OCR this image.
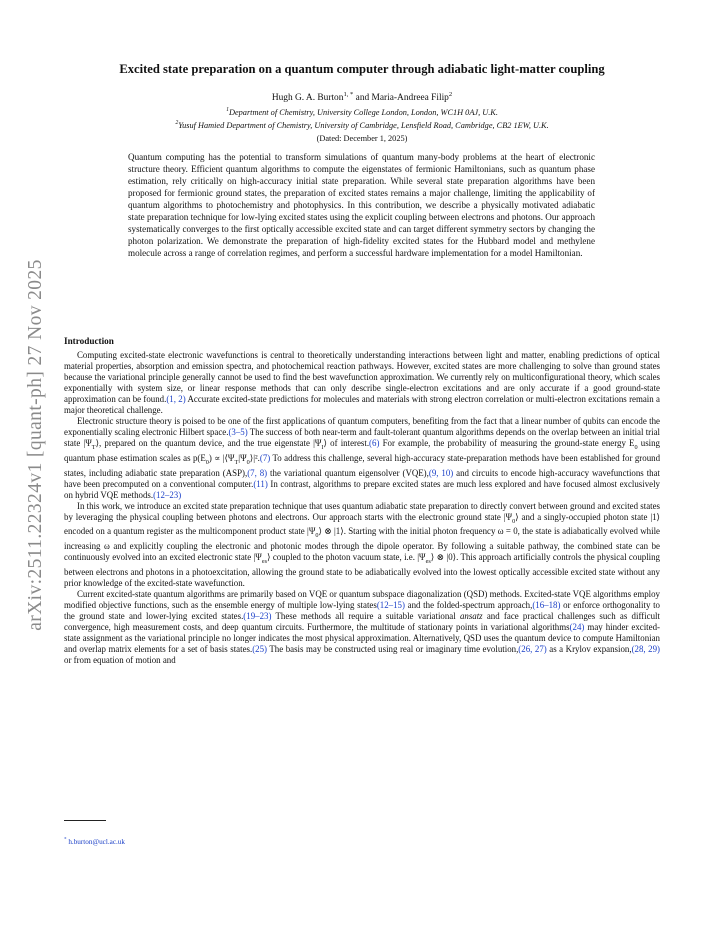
arXiv:2511.22324v1 [quant-ph] 27 Nov 2025
Excited state preparation on a quantum computer through adiabatic light-matter coupling
Hugh G. A. Burton$^{1, *}$ and Maria-Andreea Filip$^2$
$^1$Department of Chemistry, University College London, London, WC1H 0AJ, U.K.
$^2$Yusuf Hamied Department of Chemistry, University of Cambridge, Lensfield Road, Cambridge, CB2 1EW, U.K.
(Dated: December 1, 2025)

Quantum computing has the potential to transform simulations of quantum many-body problems at the heart of electronic structure theory. Efficient quantum algorithms to compute the eigenstates of fermionic Hamiltonians, such as quantum phase estimation, rely critically on high-accuracy initial state preparation. While several state preparation algorithms have been proposed for fermionic ground states, the preparation of excited states remains a major challenge, limiting the applicability of quantum algorithms to photochemistry and photophysics. In this contribution, we describe a physically motivated adiabatic state preparation technique for low-lying excited states using the explicit coupling between electrons and photons. Our approach systematically converges to the first optically accessible excited state and can target different symmetry sectors by changing the photon polarization. We demonstrate the preparation of high-fidelity excited states for the Hubbard model and methylene molecule across a range of correlation regimes, and perform a successful hardware implementation for a model Hamiltonian.

Introduction

Computing excited-state electronic wavefunctions is central to theoretically understanding interactions between light and matter, enabling predictions of optical material properties, absorption and emission spectra, and photochemical reaction pathways. However, excited states are more challenging to solve than ground states because the variational principle generally cannot be used to find the best wavefunction approximation. We currently rely on multiconfigurational theory, which scales exponentially with system size, or linear response methods that can only describe single-electron excitations and are only accurate if a good ground-state approximation can be found.(1, 2) Accurate excited-state predictions for molecules and materials with strong electron correlation or multi-electron excitations remain a major theoretical challenge.

Electronic structure theory is poised to be one of the first applications of quantum computers, benefiting from the fact that a linear number of qubits can encode the exponentially scaling electronic Hilbert space.(3–5) The success of both near-term and fault-tolerant quantum algorithms depends on the overlap between an initial trial state $|\Psi_T⟩$, prepared on the quantum device, and the true eigenstate $|\Psi_I⟩$ of interest.(6) For example, the probability of measuring the ground-state energy $E_0$ using quantum phase estimation scales as $p(E_0)$ ∝ $|⟨\Psi_T|\Psi_0⟩|^2.(7)$ To address this challenge, several high-accuracy state-preparation methods have been established for ground states, including adiabatic state preparation (ASP),(7, 8) the variational quantum eigensolver (VQE),(9, 10) and circuits to encode high-accuracy wavefunctions that have been precomputed on a conventional computer.(11) In contrast, algorithms to prepare excited states are much less explored and have focused almost exclusively on hybrid VQE methods.(12–23)

In this work, we introduce an excited state preparation technique that uses quantum adiabatic state preparation to directly convert between ground and excited states by leveraging the physical coupling between photons and electrons. Our approach starts with the electronic ground state $|\Psi_0⟩$ and a singly-occupied photon state |1⟩ encoded on a quantum register as the multicomponent product state $|\Psi_0⟩$ ⊗ |1⟩. Starting with the initial photon frequency ω = 0, the state is adiabatically evolved while increasing ω and explicitly coupling the electronic and photonic modes through the dipole operator. By following a suitable pathway, the combined state can be continuously evolved into an excited electronic state $|\Psi_{es}⟩$ coupled to the photon vacuum state, i.e. $|\Psi_{es}⟩$ ⊗ |0⟩. This approach artificially controls the physical coupling between electrons and photons in a photoexcitation, allowing the ground state to be adiabatically evolved into the lowest optically accessible excited state without any prior knowledge of the excited-state wavefunction.

Current excited-state quantum algorithms are primarily based on VQE or quantum subspace diagonalization (QSD) methods. Excited-state VQE algorithms employ modified objective functions, such as the ensemble energy of multiple low-lying states(12–15) and the folded-spectrum approach,(16–18) or enforce orthogonality to the ground state and lower-lying excited states.(19–23) These methods all require a suitable variational ansatz and face practical challenges such as difficult convergence, high measurement costs, and deep quantum circuits. Furthermore, the multitude of stationary points in variational algorithms(24) may hinder excited-state assignment as the variational principle no longer indicates the most physical approximation. Alternatively, QSD uses the quantum device to compute Hamiltonian and overlap matrix elements for a set of basis states.(25) The basis may be constructed using real or imaginary time evolution,(26, 27) as a Krylov expansion,(28, 29) or from equation of motion and

* h.burton@ucl.ac.uk
